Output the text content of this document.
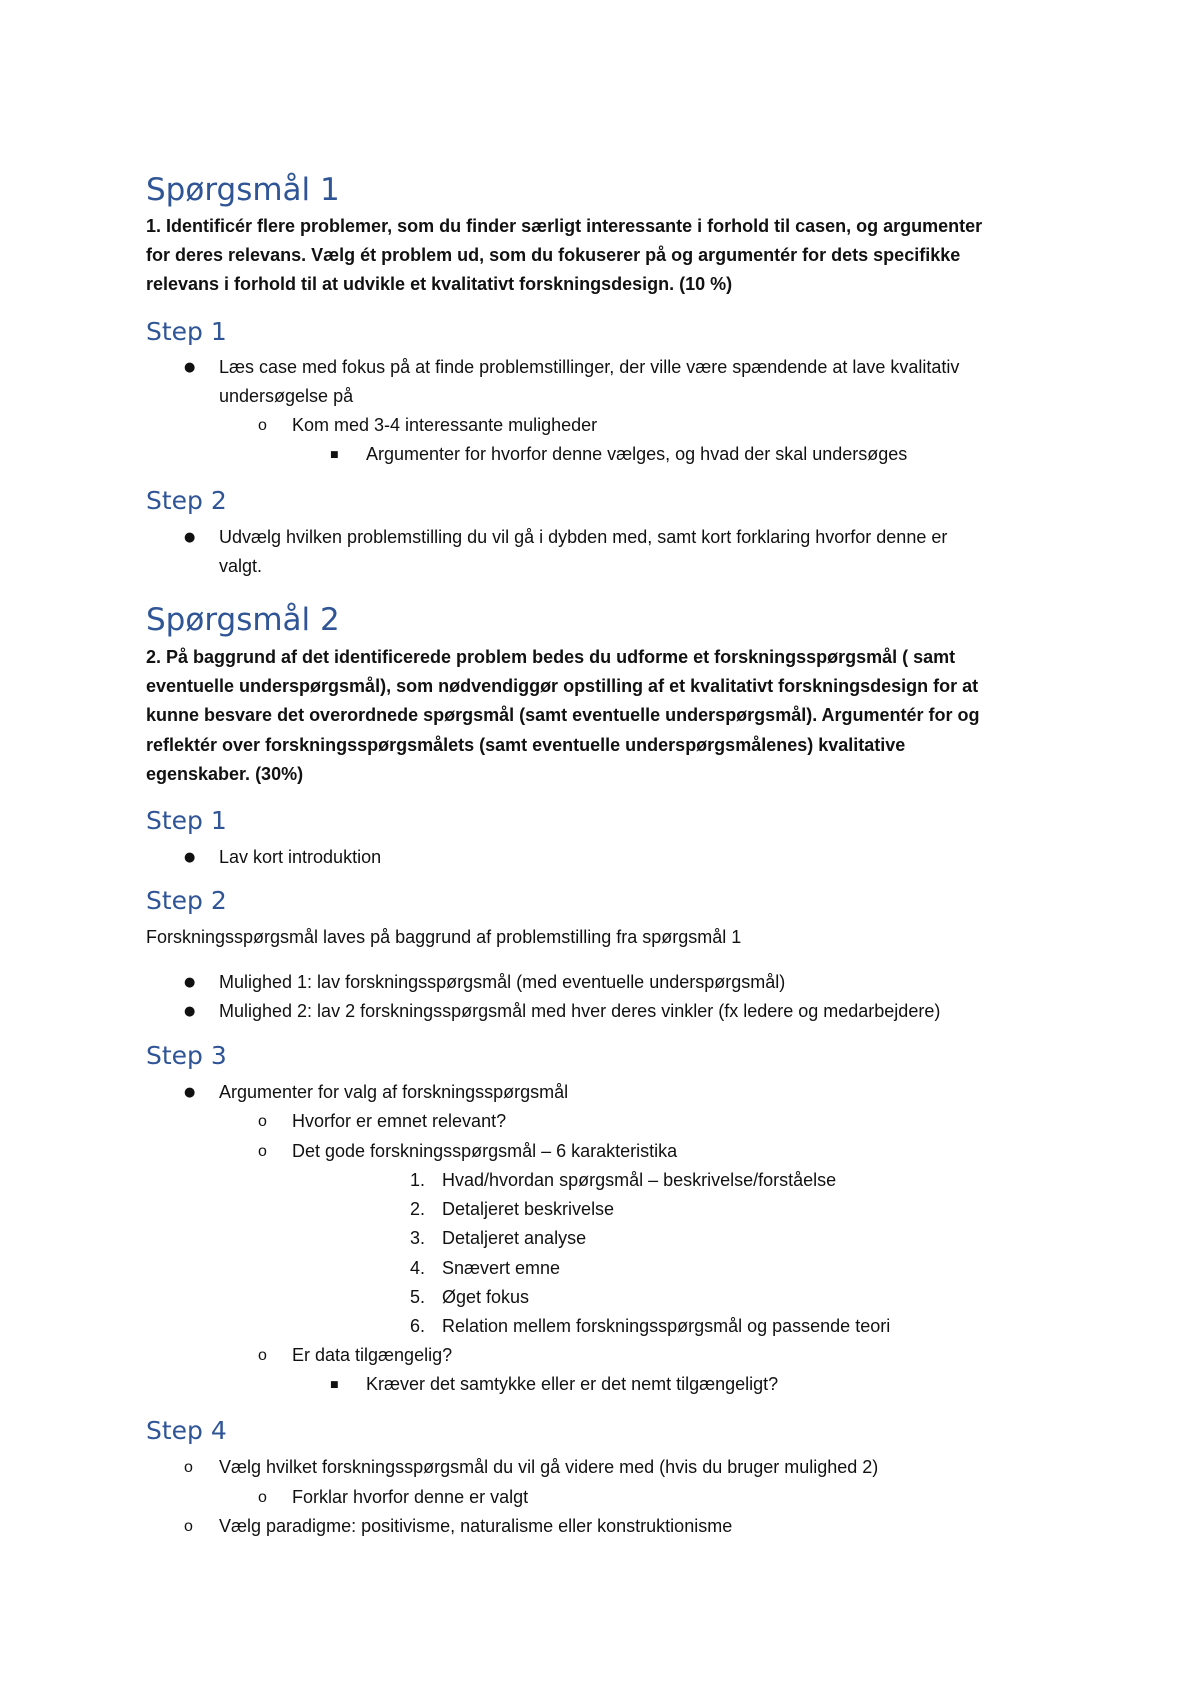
Spørgsmål 1
1. Identificér flere problemer, som du finder særligt interessante i forhold til casen, og argumenter
for deres relevans. Vælg ét problem ud, som du fokuserer på og argumentér for dets specifikke
relevans i forhold til at udvikle et kvalitativt forskningsdesign. (10 %)
Step 1
● Læs case med fokus på at finde problemstillinger, der ville være spændende at lave kvalitativ
undersøgelse på
o Kom med 3-4 interessante muligheder
■ Argumenter for hvorfor denne vælges, og hvad der skal undersøges
Step 2
● Udvælg hvilken problemstilling du vil gå i dybden med, samt kort forklaring hvorfor denne er
valgt.
Spørgsmål 2
2. På baggrund af det identificerede problem bedes du udforme et forskningsspørgsmål ( samt
eventuelle underspørgsmål), som nødvendiggør opstilling af et kvalitativt forskningsdesign for at
kunne besvare det overordnede spørgsmål (samt eventuelle underspørgsmål). Argumentér for og
reflektér over forskningsspørgsmålets (samt eventuelle underspørgsmålenes) kvalitative
egenskaber. (30%)
Step 1
● Lav kort introduktion
Step 2
Forskningsspørgsmål laves på baggrund af problemstilling fra spørgsmål 1
● Mulighed 1: lav forskningsspørgsmål (med eventuelle underspørgsmål)
● Mulighed 2: lav 2 forskningsspørgsmål med hver deres vinkler (fx ledere og medarbejdere)
Step 3
● Argumenter for valg af forskningsspørgsmål
o Hvorfor er emnet relevant?
o Det gode forskningsspørgsmål – 6 karakteristika
1. Hvad/hvordan spørgsmål – beskrivelse/forståelse
2. Detaljeret beskrivelse
3. Detaljeret analyse
4. Snævert emne
5. Øget fokus
6. Relation mellem forskningsspørgsmål og passende teori
o Er data tilgængelig?
■ Kræver det samtykke eller er det nemt tilgængeligt?
Step 4
o Vælg hvilket forskningsspørgsmål du vil gå videre med (hvis du bruger mulighed 2)
o Forklar hvorfor denne er valgt
o Vælg paradigme: positivisme, naturalisme eller konstruktionisme
